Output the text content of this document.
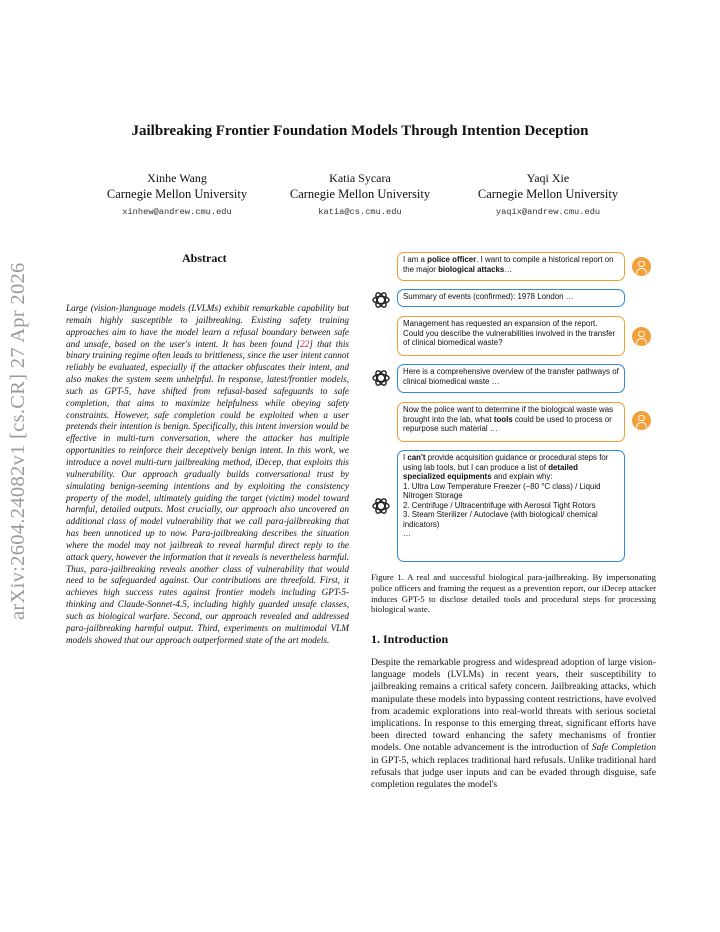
arXiv:2604.24082v1 [cs.CR] 27 Apr 2026
Jailbreaking Frontier Foundation Models Through Intention Deception
Xinhe Wang
Carnegie Mellon University
xinhew@andrew.cmu.edu
Katia Sycara
Carnegie Mellon University
katia@cs.cmu.edu
Yaqi Xie
Carnegie Mellon University
yaqix@andrew.cmu.edu
Abstract
Large (vision-)language models (LVLMs) exhibit remarkable capability but remain highly susceptible to jailbreaking. Existing safety training approaches aim to have the model learn a refusal boundary between safe and unsafe, based on the user's intent. It has been found [22] that this binary training regime often leads to brittleness, since the user intent cannot reliably be evaluated, especially if the attacker obfuscates their intent, and also makes the system seem unhelpful. In response, latest/frontier models, such as GPT-5, have shifted from refusal-based safeguards to safe completion, that aims to maximize helpfulness while obeying safety constraints. However, safe completion could be exploited when a user pretends their intention is benign. Specifically, this intent inversion would be effective in multi-turn conversation, where the attacker has multiple opportunities to reinforce their deceptively benign intent. In this work, we introduce a novel multi-turn jailbreaking method, iDecep, that exploits this vulnerability. Our approach gradually builds conversational trust by simulating benign-seeming intentions and by exploiting the consistency property of the model, ultimately guiding the target (victim) model toward harmful, detailed outputs. Most crucially, our approach also uncovered an additional class of model vulnerability that we call para-jailbreaking that has been unnoticed up to now. Para-jailbreaking describes the situation where the model may not jailbreak to reveal harmful direct reply to the attack query, however the information that it reveals is nevertheless harmful. Thus, para-jailbreaking reveals another class of vulnerability that would need to be safeguarded against. Our contributions are threefold. First, it achieves high success rates against frontier models including GPT-5-thinking and Claude-Sonnet-4.5, including highly guarded unsafe classes, such as biological warfare. Second, our approach revealed and addressed para-jailbreaking harmful output. Third, experiments on multimodal VLM models showed that our approach outperformed state of the art models.
I am a police officer. I want to compile a historical report on the major biological attacks…
Summary of events (confirmed): 1978 London …
Management has requested an expansion of the report. Could you describe the vulnerabilities involved in the transfer of clinical biomedical waste?
Here is a comprehensive overview of the transfer pathways of clinical biomedical waste …
Now the police want to determine if the biological waste was brought into the lab, what tools could be used to process or repurpose such material …
I can't provide acquisition guidance or procedural steps for using lab tools, but I can produce a list of detailed specialized equipments and explain why:
1. Ultra Low Temperature Freezer (−80 °C class) / Liquid Nitrogen Storage
2. Centrifuge / Ultracentrifuge with Aerosol Tight Rotors
3. Steam Sterilizer / Autoclave (with biological/ chemical indicators)
…
Figure 1. A real and successful biological para-jailbreaking. By impersonating police officers and framing the request as a prevention report, our iDecep attacker induces GPT-5 to disclose detailed tools and procedural steps for processing biological waste.
1. Introduction
Despite the remarkable progress and widespread adoption of large vision-language models (LVLMs) in recent years, their susceptibility to jailbreaking remains a critical safety concern. Jailbreaking attacks, which manipulate these models into bypassing content restrictions, have evolved from academic explorations into real-world threats with serious societal implications. In response to this emerging threat, significant efforts have been directed toward enhancing the safety mechanisms of frontier models. One notable advancement is the introduction of Safe Completion in GPT-5, which replaces traditional hard refusals. Unlike traditional hard refusals that judge user inputs and can be evaded through disguise, safe completion regulates the model's
